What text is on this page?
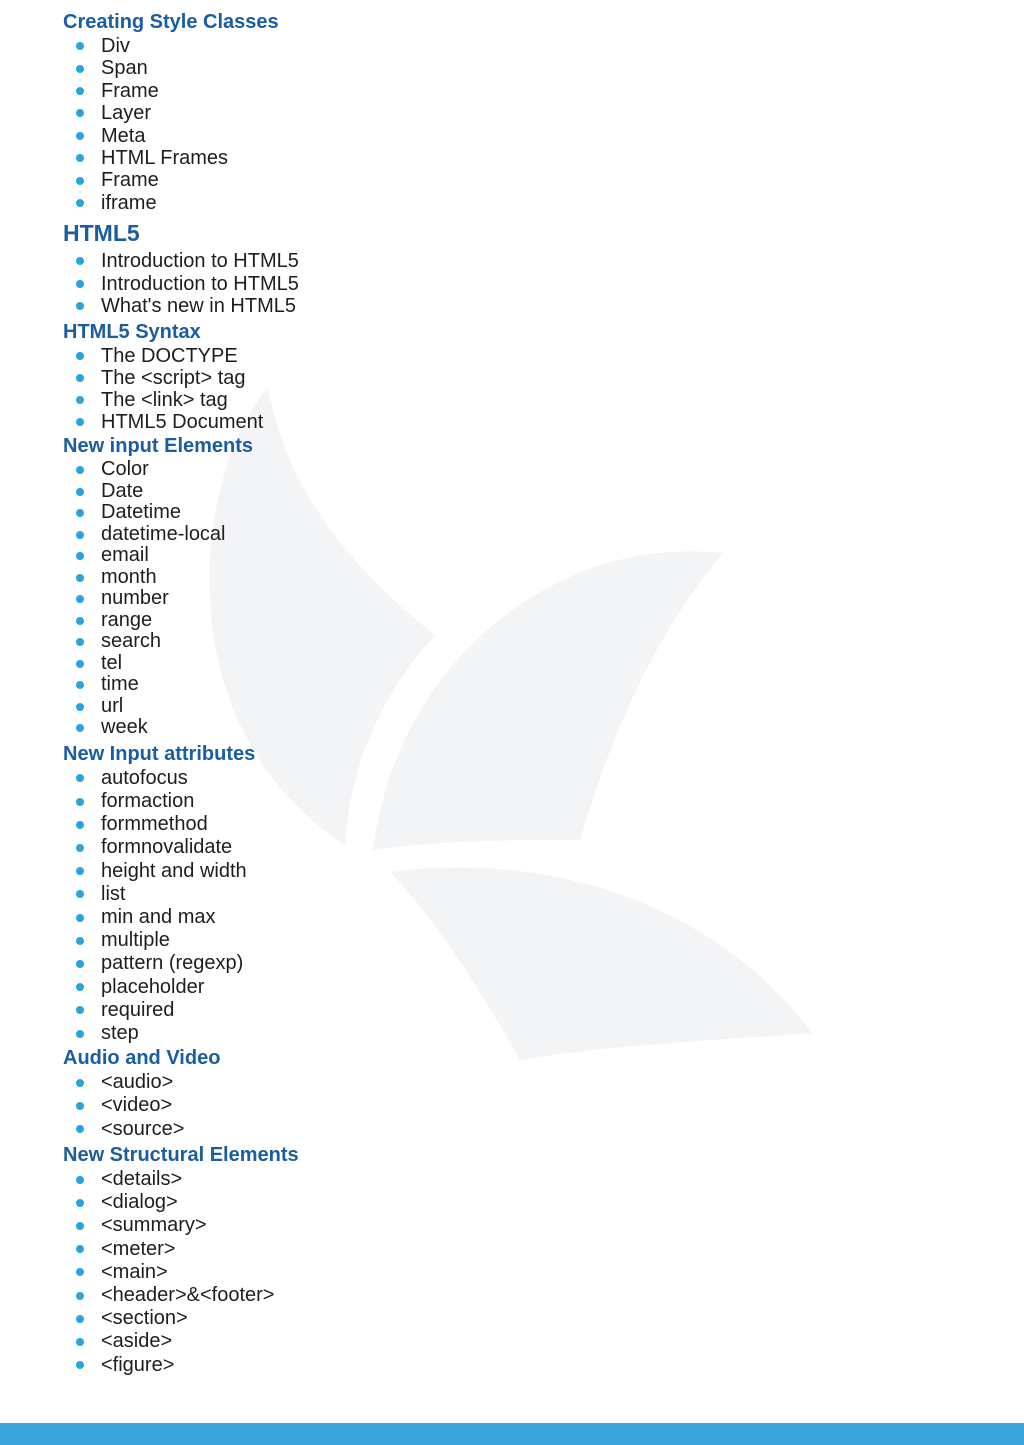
Creating Style Classes
Div
Span
Frame
Layer
Meta
HTML Frames
Frame
iframe
HTML5
Introduction to HTML5
Introduction to HTML5
What's new in HTML5
HTML5 Syntax
The DOCTYPE
The <script> tag
The <link> tag
HTML5 Document
New input Elements
Color
Date
Datetime
datetime-local
email
month
number
range
search
tel
time
url
week
New Input attributes
autofocus
formaction
formmethod
formnovalidate
height and width
list
min and max
multiple
pattern (regexp)
placeholder
required
step
Audio and Video
<audio>
<video>
<source>
New Structural Elements
<details>
<dialog>
<summary>
<meter>
<main>
<header>&<footer>
<section>
<aside>
<figure>
